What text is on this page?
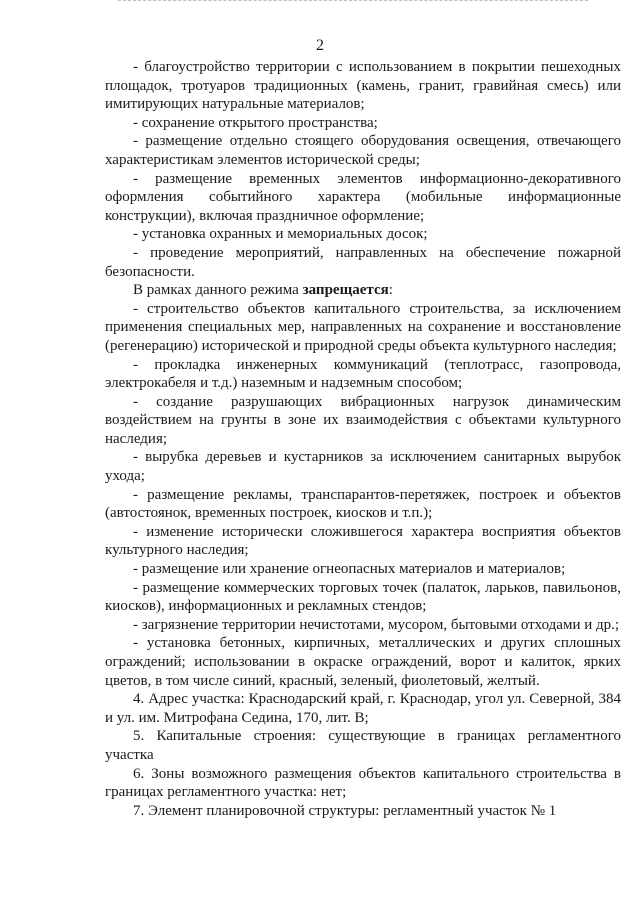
2

- благоустройство территории с использованием в покрытии пешеходных площадок, тротуаров традиционных (камень, гранит, гравийная смесь) или имитирующих натуральные материалов;

- сохранение открытого пространства;

- размещение отдельно стоящего оборудования освещения, отвечающего характеристикам элементов исторической среды;

- размещение временных элементов информационно-декоративного оформления событийного характера (мобильные информационные конструкции), включая праздничное оформление;

- установка охранных и мемориальных досок;

- проведение мероприятий, направленных на обеспечение пожарной безопасности.

В рамках данного режима запрещается:

- строительство объектов капитального строительства, за исключением применения специальных мер, направленных на сохранение и восстановление (регенерацию) исторической и природной среды объекта культурного наследия;

- прокладка инженерных коммуникаций (теплотрасс, газопровода, электрокабеля и т.д.) наземным и надземным способом;

- создание разрушающих вибрационных нагрузок динамическим воздействием на грунты в зоне их взаимодействия с объектами культурного наследия;

- вырубка деревьев и кустарников за исключением санитарных вырубок ухода;

- размещение рекламы, транспарантов-перетяжек, построек и объектов (автостоянок, временных построек, киосков и т.п.);

- изменение исторически сложившегося характера восприятия объектов культурного наследия;

- размещение или хранение огнеопасных материалов и материалов;

- размещение коммерческих торговых точек (палаток, ларьков, павильонов, киосков), информационных и рекламных стендов;

- загрязнение территории нечистотами, мусором, бытовыми отходами и др.;

- установка бетонных, кирпичных, металлических и других сплошных ограждений; использовании в окраске ограждений, ворот и калиток, ярких цветов, в том числе синий, красный, зеленый, фиолетовый, желтый.

4. Адрес участка: Краснодарский край, г. Краснодар, угол ул. Северной, 384 и ул. им. Митрофана Седина, 170, лит. В;

5. Капитальные строения: существующие в границах регламентного участка

6. Зоны возможного размещения объектов капитального строительства в границах регламентного участка: нет;

7. Элемент планировочной структуры: регламентный участок № 1
